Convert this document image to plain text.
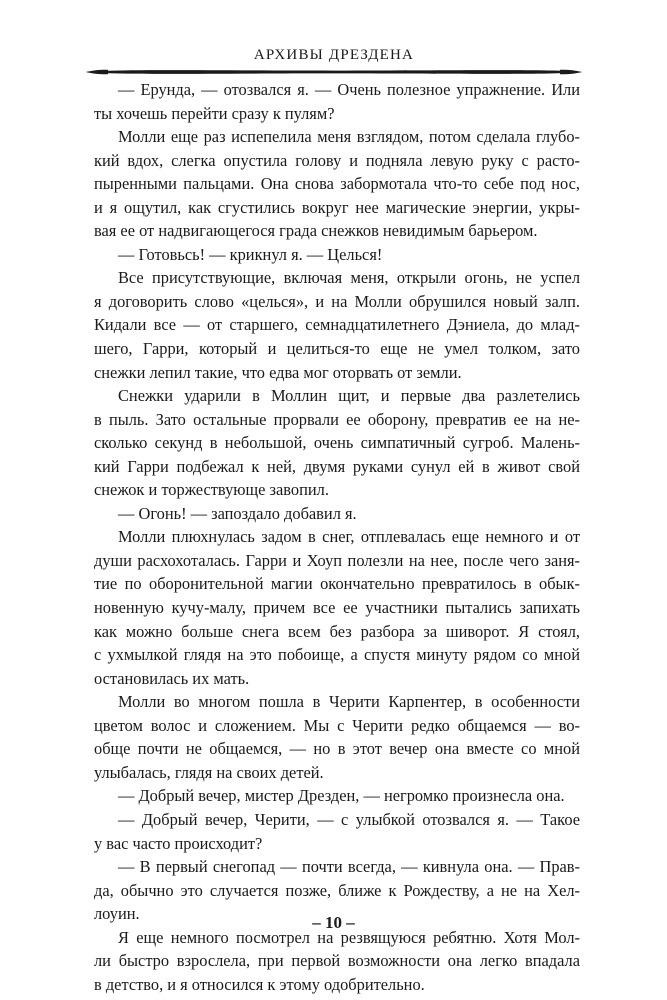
АРХИВЫ ДРЕЗДЕНА
— Ерунда, — отозвался я. — Очень полезное упражнение. Или
ты хочешь перейти сразу к пулям?
Молли еще раз испепелила меня взглядом, потом сделала глубо-
кий вдох, слегка опустила голову и подняла левую руку с расто-
пыренными пальцами. Она снова забормотала что-то себе под нос,
и я ощутил, как сгустились вокруг нее магические энергии, укры-
вая ее от надвигающегося града снежков невидимым барьером.
— Готовьсь! — крикнул я. — Целься!
Все присутствующие, включая меня, открыли огонь, не успел
я договорить слово «целься», и на Молли обрушился новый залп.
Кидали все — от старшего, семнадцатилетнего Дэниела, до млад-
шего, Гарри, который и целиться-то еще не умел толком, зато
снежки лепил такие, что едва мог оторвать от земли.
Снежки ударили в Моллин щит, и первые два разлетелись
в пыль. Зато остальные прорвали ее оборону, превратив ее на не-
сколько секунд в небольшой, очень симпатичный сугроб. Малень-
кий Гарри подбежал к ней, двумя руками сунул ей в живот свой
снежок и торжествующе завопил.
— Огонь! — запоздало добавил я.
Молли плюхнулась задом в снег, отплевалась еще немного и от
души расхохоталась. Гарри и Хоуп полезли на нее, после чего заня-
тие по оборонительной магии окончательно превратилось в обык-
новенную кучу-малу, причем все ее участники пытались запихать
как можно больше снега всем без разбора за шиворот. Я стоял,
с ухмылкой глядя на это побоище, а спустя минуту рядом со мной
остановилась их мать.
Молли во многом пошла в Черити Карпентер, в особенности
цветом волос и сложением. Мы с Черити редко общаемся — во-
обще почти не общаемся, — но в этот вечер она вместе со мной
улыбалась, глядя на своих детей.
— Добрый вечер, мистер Дрезден, — негромко произнесла она.
— Добрый вечер, Черити, — с улыбкой отозвался я. — Такое
у вас часто происходит?
— В первый снегопад — почти всегда, — кивнула она. — Прав-
да, обычно это случается позже, ближе к Рождеству, а не на Хел-
лоуин.
Я еще немного посмотрел на резвящуюся ребятню. Хотя Мол-
ли быстро взрослела, при первой возможности она легко впадала
в детство, и я относился к этому одобрительно.
– 10 –
